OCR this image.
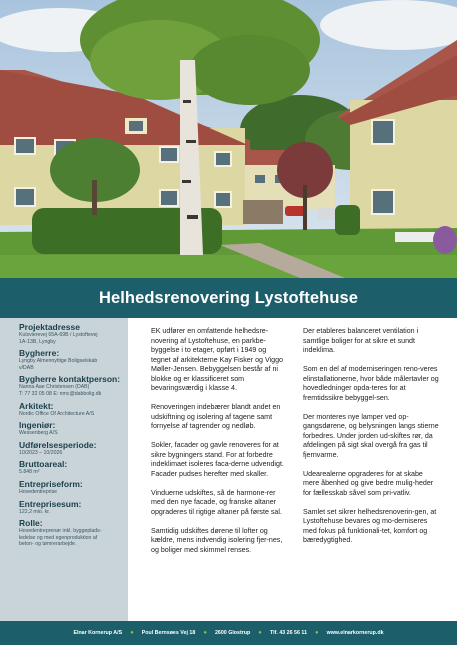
Helhedsrenovering Lystoftehuse
Projektadresse
Kulsvierevej 65A-69B / Lystoftevej
1A-13B, Lyngby
Bygherre:
Lyngby Almennyttige Boligselskab
v/DAB
Bygherre kontaktperson:
Nanna Aae Christensen (DAB)
T: 77 32 05 08 E: nmc@dabbolig.dk
Arkitekt:
Nordic Office Of Architecture A/S
Ingeniør:
Wessenberg A/S
Udførelsesperiode:
10/2023 – 10/2026
Bruttoareal:
5.848 m²
Entrepriseform:
Hovedentreprise
Entreprisesum:
122,2 mio. kr.
Rolle:
Hovedentreprenør inkl. byggeplads-
ledelse og med egenproduktion af
beton- og tømrerarbejde.

EK udfører en omfattende helhedsre-novering af Lystoftehuse, en parkbe-byggelse i to etager, opført i 1949 og tegnet af arkitekterne Kay Fisker og Viggo Møller-Jensen. Bebyggelsen består af ni blokke og er klassificeret som bevaringsværdig i klasse 4.

Renoveringen indebærer blandt andet en udskiftning og isolering af tagene samt fornyelse af tagrender og nedløb.

Sokler, facader og gavle renoveres for at sikre bygningers stand. For at forbedre indeklimaet isoleres faca-derne udvendigt. Facader pudses herefter med skaller.

Vinduerne udskiftes, så de harmone-rer med den nye facade, og franske altaner opgraderes til rigtige altaner på første sal.

Samtidig udskiftes dørene til lofter og kældre, mens indvendig isolering fjer-nes, og boliger med skimmel renses.

Der etableres balanceret ventilation i samtlige boliger for at sikre et sundt indeklima.

Som en del af moderniseringen reno-veres elinstallationerne, hvor både målertavler og hovedledninger opda-teres for at fremtidssikre bebyggel-sen.

Der monteres nye lamper ved op-gangsdørene, og belysningen langs stierne forbedres. Under jorden ud-skiftes rør, da afdelingen på sigt skal overgå fra gas til fjernvarme.

Udearealerne opgraderes for at skabe mere åbenhed og give bedre mulig-heder for fællesskab såvel som pri-vatliv.

Samlet set sikrer helhedsrenoverin-gen, at Lystoftehuse bevares og mo-derniseres med fokus på funktionali-tet, komfort og bæredygtighed.

Elnar Kornerup A/S ● Poul Bernsøes Vej 18 ● 2600 Glostrup ● Tlf. 43 26 56 11 ● www.elnarkornerup.dk
